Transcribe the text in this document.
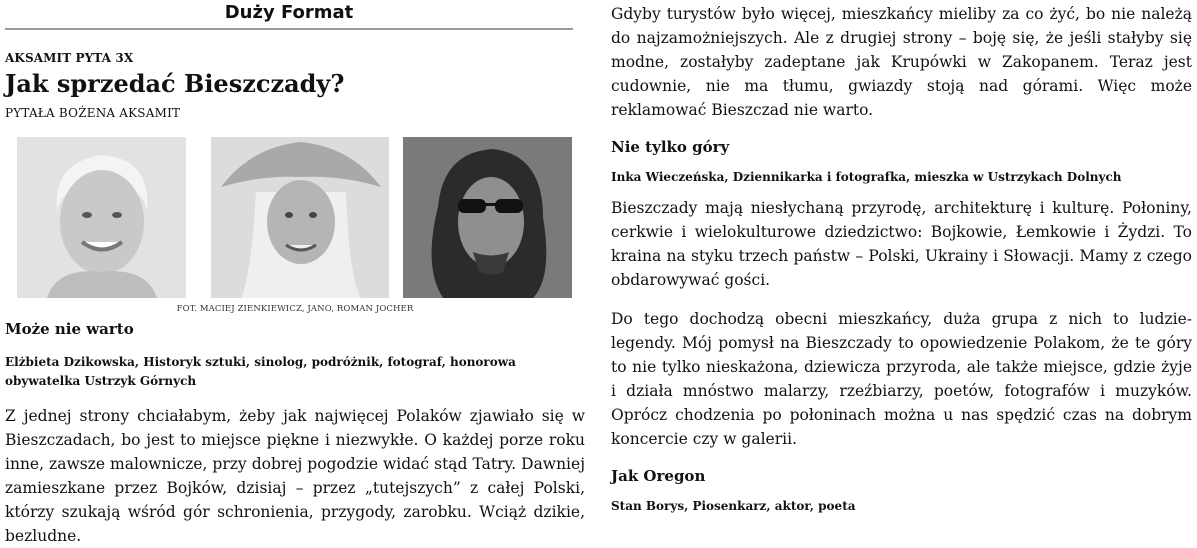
Duży Format
AKSAMIT PYTA 3X
Jak sprzedać Bieszczady?
PYTAŁA BOŻENA AKSAMIT
FOT. MACIEJ ZIENKIEWICZ, JANO, ROMAN JOCHER
Może nie warto

Elżbieta Dzikowska, Historyk sztuki, sinolog, podróżnik, fotograf, honorowa obywatelka Ustrzyk Górnych

Z jednej strony chciałabym, żeby jak najwięcej Polaków zjawiało się w Bieszczadach, bo jest to miejsce piękne i niezwykłe. O każdej porze roku inne, zawsze malownicze, przy dobrej pogodzie widać stąd Tatry. Dawniej zamieszkane przez Bojków, dzisiaj – przez „tutejszych” z całej Polski, którzy szukają wśród gór schronienia, przygody, zarobku. Wciąż dzikie, bezludne.

Gdyby turystów było więcej, mieszkańcy mieliby za co żyć, bo nie należą do najzamożniejszych. Ale z drugiej strony – boję się, że jeśli stałyby się modne, zostałyby zadeptane jak Krupówki w Zakopanem. Teraz jest cudownie, nie ma tłumu, gwiazdy stoją nad górami. Więc może reklamować Bieszczad nie warto.

Nie tylko góry

Inka Wieczeńska, Dziennikarka i fotografka, mieszka w Ustrzykach Dolnych

Bieszczady mają niesłychaną przyrodę, architekturę i kulturę. Połoniny, cerkwie i wielokulturowe dziedzictwo: Bojkowie, Łemkowie i Żydzi. To kraina na styku trzech państw – Polski, Ukrainy i Słowacji. Mamy z czego obdarowywać gości.

Do tego dochodzą obecni mieszkańcy, duża grupa z nich to ludzie-legendy. Mój pomysł na Bieszczady to opowiedzenie Polakom, że te góry to nie tylko nieskażona, dziewicza przyroda, ale także miejsce, gdzie żyje i działa mnóstwo malarzy, rzeźbiarzy, poetów, fotografów i muzyków. Oprócz chodzenia po połoninach można u nas spędzić czas na dobrym koncercie czy w galerii.

Jak Oregon

Stan Borys, Piosenkarz, aktor, poeta
